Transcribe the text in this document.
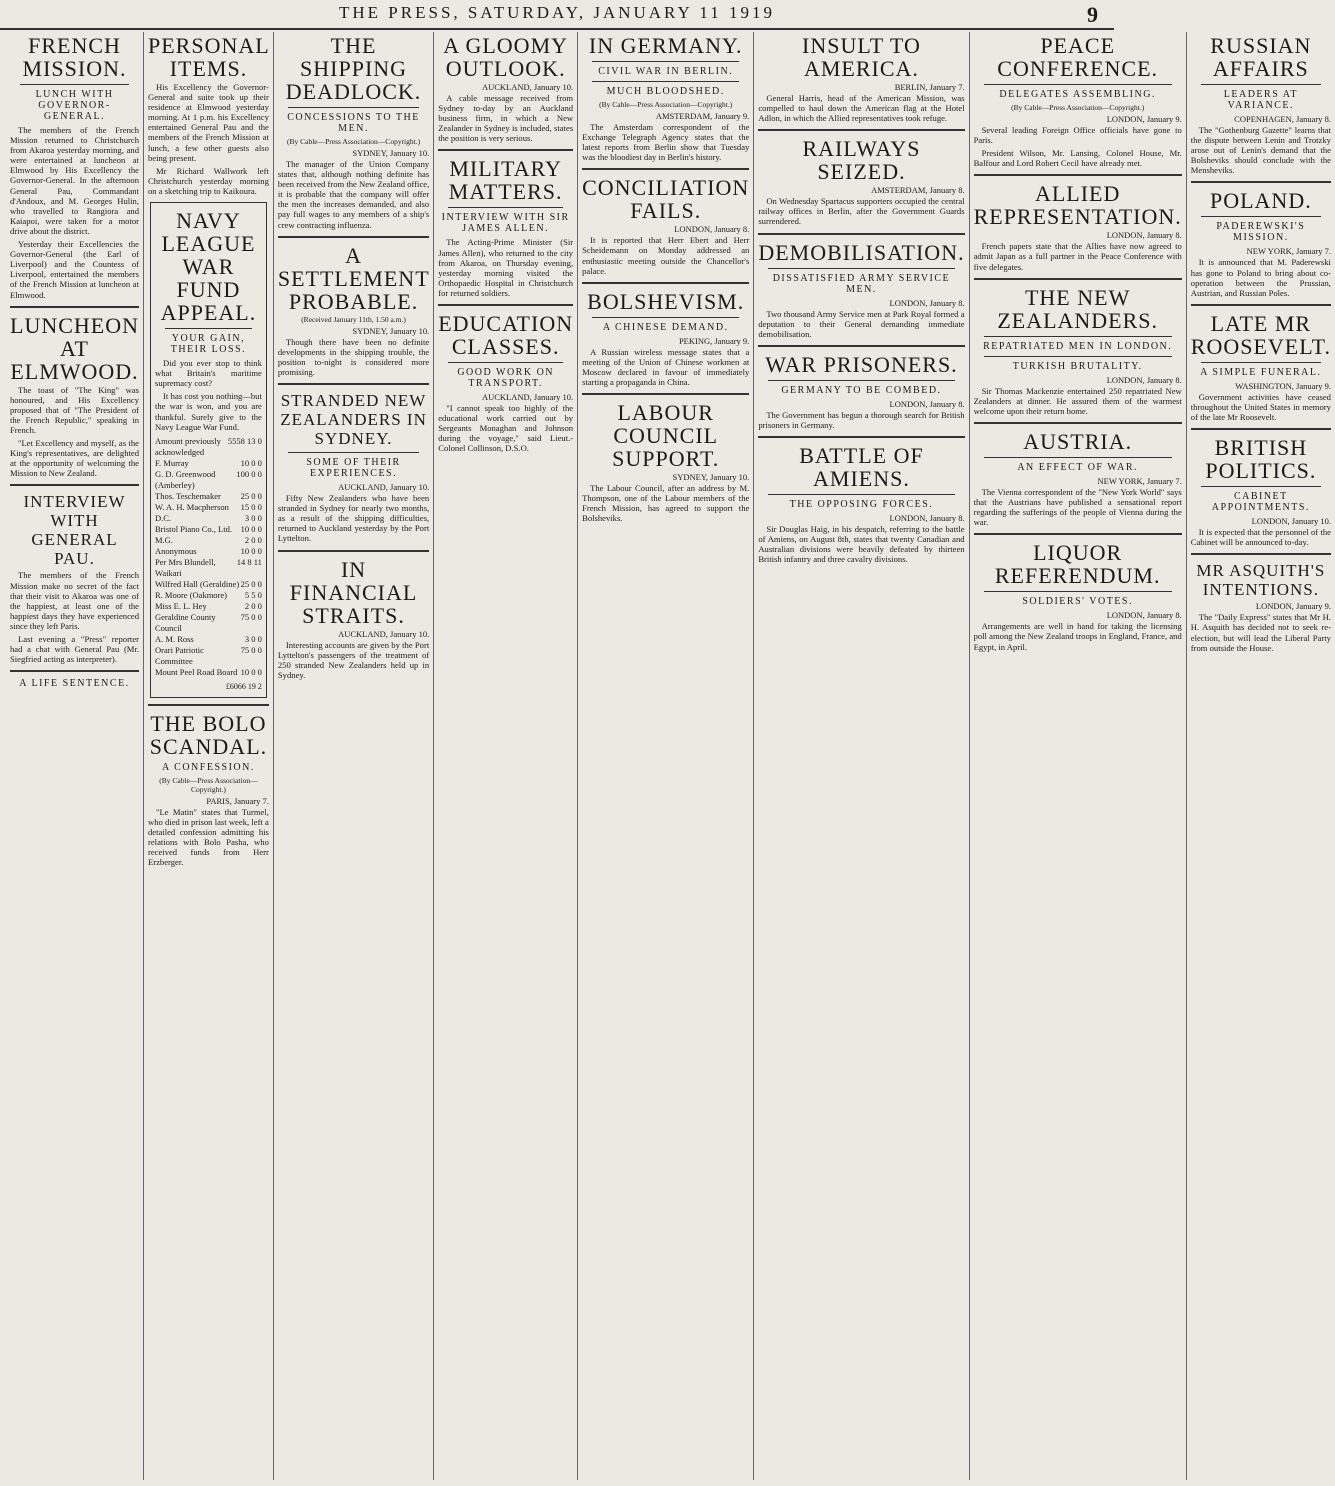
THE PRESS, SATURDAY, JANUARY 11 1919	9
FRENCH MISSION.
LUNCH WITH GOVERNOR-GENERAL.

The members of the French Mission returned to Christchurch from Akaroa yesterday morning, and were entertained at luncheon at Elmwood by His Excellency the Governor-General. In the afternoon General Pau, Commandant d'Andoux, and M. Georges Hulin, who travelled to Rangiora and Kaiapoi, were taken for a motor drive about the district.

Yesterday their Excellencies the Governor-General (the Earl of Liverpool) and the Countess of Liverpool, entertained the members of the French Mission at luncheon at Elmwood.

LUNCHEON AT ELMWOOD.

The toast of "The King" was honoured, and His Excellency proposed that of "The President of the French Republic," speaking in French.

"Let Excellency and myself, as the King's representatives, are delighted at the opportunity of welcoming the Mission to New Zealand.

INTERVIEW WITH GENERAL PAU.

The members of the French Mission make no secret of the fact that their visit to Akaroa was one of the happiest, at least one of the happiest days they have experienced since they left Paris.

Last evening a "Press" reporter had a chat with General Pau (Mr. Siegfried acting as interpreter).

A LIFE SENTENCE.
PERSONAL ITEMS.

His Excellency the Governor-General and suite took up their residence at Elmwood yesterday morning. At 1 p.m. his Excellency entertained General Pau and the members of the French Mission at lunch, a few other guests also being present.

Mr Richard Wallwork left Christchurch yesterday morning on a sketching trip to Kaikoura.

NAVY LEAGUE WAR FUND APPEAL.
YOUR GAIN, THEIR LOSS.

Did you ever stop to think what Britain's maritime supremacy cost?

It has cost you nothing—but the war is won, and you are thankful. Surely give to the Navy League War Fund.

Amount previously acknowledged
5558 13 0
F. Murray	10 0 0
G. D. Greenwood (Amberley)
100 0 0
Thos. Teschemaker 25 0 0
W. A. H. Macpherson 15 0 0
D.C.	3 0 0
Bristol Piano Co., Ltd. 10 0 0
M.G.	2 0 0
Anonymous	10 0 0
Per Mrs Blundell, Waikari
14 8 11
Wilfred Hall (Geraldine) 25 0 0
R. Moore (Oakmore) 5 5 0
Miss E. L. Hey	2 0 0
Geraldine County Council
75 0 0
A. M. Ross	3 0 0
Orari Patriotic Committee
75 0 0
Mount Peel Road Board 10 0 0
£6066 19 2
THE BOLO SCANDAL.
A CONFESSION.
(By Cable—Press Association—Copyright.)
PARIS, January 7.

"Le Matin" states that Turmel, who died in prison last week, left a detailed confession admitting his relations with Bolo Pasha, who received funds from Herr Erzberger.

THE SHIPPING DEADLOCK.
CONCESSIONS TO THE MEN.
(By Cable—Press Association—Copyright.)
SYDNEY, January 10.

The manager of the Union Company states that, although nothing definite has been received from the New Zealand office, it is probable that the company will offer the men the increases demanded, and also pay full wages to any members of a ship's crew contracting influenza.

A SETTLEMENT PROBABLE.
(Received January 11th, 1.50 a.m.)
SYDNEY, January 10.

Though there have been no definite developments in the shipping trouble, the position to-night is considered more promising.

STRANDED NEW ZEALANDERS IN SYDNEY.
SOME OF THEIR EXPERIENCES.
AUCKLAND, January 10.

Fifty New Zealanders who have been stranded in Sydney for nearly two months, as a result of the shipping difficulties, returned to Auckland yesterday by the Port Lyttelton.

IN FINANCIAL STRAITS.
AUCKLAND, January 10.

Interesting accounts are given by the Port Lyttelton's passengers of the treatment of 250 stranded New Zealanders held up in Sydney.

A GLOOMY OUTLOOK.
AUCKLAND, January 10.

A cable message received from Sydney to-day by an Auckland business firm, in which a New Zealander in Sydney is included, states the position is very serious.

MILITARY MATTERS.
INTERVIEW WITH SIR JAMES ALLEN.

The Acting-Prime Minister (Sir James Allen), who returned to the city from Akaroa, on Thursday evening, yesterday morning visited the Orthopaedic Hospital in Christchurch for returned soldiers.

EDUCATION CLASSES.
GOOD WORK ON TRANSPORT.
AUCKLAND, January 10.

"I cannot speak too highly of the educational work carried out by Sergeants Monaghan and Johnson during the voyage," said Lieut.-Colonel Collinson, D.S.O.

IN GERMANY.
CIVIL WAR IN BERLIN.
MUCH BLOODSHED.
(By Cable—Press Association—Copyright.)
AMSTERDAM, January 9.

The Amsterdam correspondent of the Exchange Telegraph Agency states that the latest reports from Berlin show that Tuesday was the bloodiest day in Berlin's history.

CONCILIATION FAILS.
LONDON, January 8.

It is reported that Herr Ebert and Herr Scheidemann on Monday addressed an enthusiastic meeting outside the Chancellor's palace.

BOLSHEVISM.
A CHINESE DEMAND.
PEKING, January 9.

A Russian wireless message states that a meeting of the Union of Chinese workmen at Moscow declared in favour of immediately starting a propaganda in China.

LABOUR COUNCIL SUPPORT.
SYDNEY, January 10.

The Labour Council, after an address by M. Thompson, one of the Labour members of the French Mission, has agreed to support the Bolsheviks.

INSULT TO AMERICA.
BERLIN, January 7.

General Harris, head of the American Mission, was compelled to haul down the American flag at the Hotel Adlon, in which the Allied representatives took refuge.

RAILWAYS SEIZED.
AMSTERDAM, January 8.

On Wednesday Spartacus supporters occupied the central railway offices in Berlin, after the Government Guards surrendered.

DEMOBILISATION.
DISSATISFIED ARMY SERVICE MEN.
LONDON, January 8.

Two thousand Army Service men at Park Royal formed a deputation to their General demanding immediate demobilisation.

WAR PRISONERS.
GERMANY TO BE COMBED.
LONDON, January 8.

The Government has begun a thorough search for British prisoners in Germany.

BATTLE OF AMIENS.
THE OPPOSING FORCES.
LONDON, January 8.

Sir Douglas Haig, in his despatch, referring to the battle of Amiens, on August 8th, states that twenty Canadian and Australian divisions were heavily defeated by thirteen British infantry and three cavalry divisions.

PEACE CONFERENCE.
DELEGATES ASSEMBLING.
(By Cable—Press Association—Copyright.)
LONDON, January 9.

Several leading Foreign Office officials have gone to Paris.

President Wilson, Mr. Lansing, Colonel House, Mr. Balfour and Lord Robert Cecil have already met.

ALLIED REPRESENTATION.
LONDON, January 8.

French papers state that the Allies have now agreed to admit Japan as a full partner in the Peace Conference with five delegates.

THE NEW ZEALANDERS.
REPATRIATED MEN IN LONDON.
TURKISH BRUTALITY.
LONDON, January 8.

Sir Thomas Mackenzie entertained 250 repatriated New Zealanders at dinner. He assured them of the warmest welcome upon their return home.

AUSTRIA.
AN EFFECT OF WAR.
NEW YORK, January 7.

The Vienna correspondent of the "New York World" says that the Austrians have published a sensational report regarding the sufferings of the people of Vienna during the war.

LIQUOR REFERENDUM.
SOLDIERS' VOTES.
LONDON, January 8.

Arrangements are well in hand for taking the licensing poll among the New Zealand troops in England, France, and Egypt, in April.

RUSSIAN AFFAIRS
LEADERS AT VARIANCE.
COPENHAGEN, January 8.

The "Gothenburg Gazette" learns that the dispute between Lenin and Trotzky arose out of Lenin's demand that the Bolsheviks should conclude with the Mensheviks.

POLAND.
PADEREWSKI'S MISSION.
NEW YORK, January 7.

It is announced that M. Paderewski has gone to Poland to bring about co-operation between the Prussian, Austrian, and Russian Poles.

LATE MR ROOSEVELT.
A SIMPLE FUNERAL.
WASHINGTON, January 9.

Government activities have ceased throughout the United States in memory of the late Mr Roosevelt.

BRITISH POLITICS.
CABINET APPOINTMENTS.
LONDON, January 10.

It is expected that the personnel of the Cabinet will be announced to-day.

MR ASQUITH'S INTENTIONS.
LONDON, January 9.

The "Daily Express" states that Mr H. H. Asquith has decided not to seek re-election, but will lead the Liberal Party from outside the House.
